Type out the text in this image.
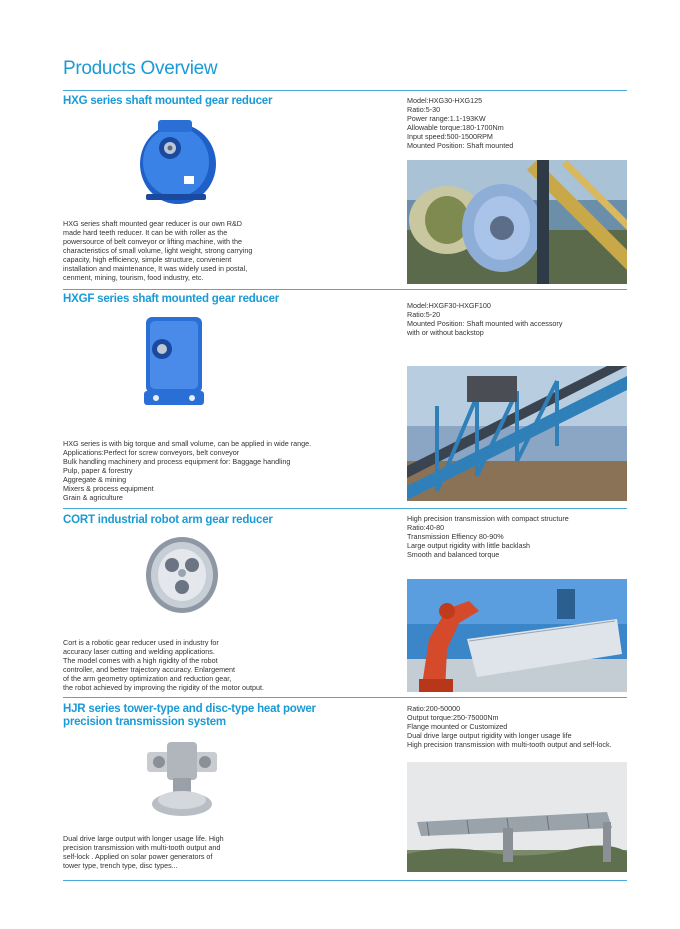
Products Overview
HXG series shaft mounted gear reducer	Model:HXG30-HXG125
Ratio:5-30
Power range:1.1-193KW
Allowable torque:180-1700Nm
Input speed:500-1500RPM
Mounted Position: Shaft mounted
HXG series shaft mounted gear reducer is our own R&D
made hard teeth reducer. It can be with roller as the
powersource of belt conveyor or lifting machine, with the
characteristics of small volume, light weight, strong carrying
capacity, high efficiency, simple structure, convenient
installation and maintenance, It was widely used in postal,
cenment, mining, tourism, food industry, etc.
HXGF series shaft mounted gear reducer
Model:HXGF30-HXGF100
Ratio:5-20
Mounted Position: Shaft mounted with accessory
with or without backstop
HXG series is with big torque and small volume, can be applied in wide range.
Applications:Perfect for screw conveyors, belt conveyor
Bulk handling machinery and process equipment for: Baggage handling
Pulp, paper & forestry
Aggregate & mining
Mixers & process equipment
Grain & agriculture
CORT industrial robot arm gear reducer	High precision transmission with compact structure
Ratio:40-80
Transmission Effiency 80-90%
Large output rigidity with little backlash
Smooth and balanced torque
Cort is a robotic gear reducer used in industry for
accuracy laser cutting and welding applications.
The model comes with a high rigidity of the robot
controller, and better trajectory accuracy. Enlargement
of the arm geometry optimization and reduction gear,
the robot achieved by improving the rigidity of the motor output.
HJR series tower-type and disc-type heat power
precision transmission system
Ratio:200-50000
Output torque:250-75000Nm
Flange mounted or Customized
Dual drive large output rigidity with longer usage life
High precision transmission with multi-tooth output and self-lock.
Dual drive large output with longer usage life. High
precision transmission with multi-tooth output and
self-lock . Applied on solar power generators of
tower type, trench type, disc types...
